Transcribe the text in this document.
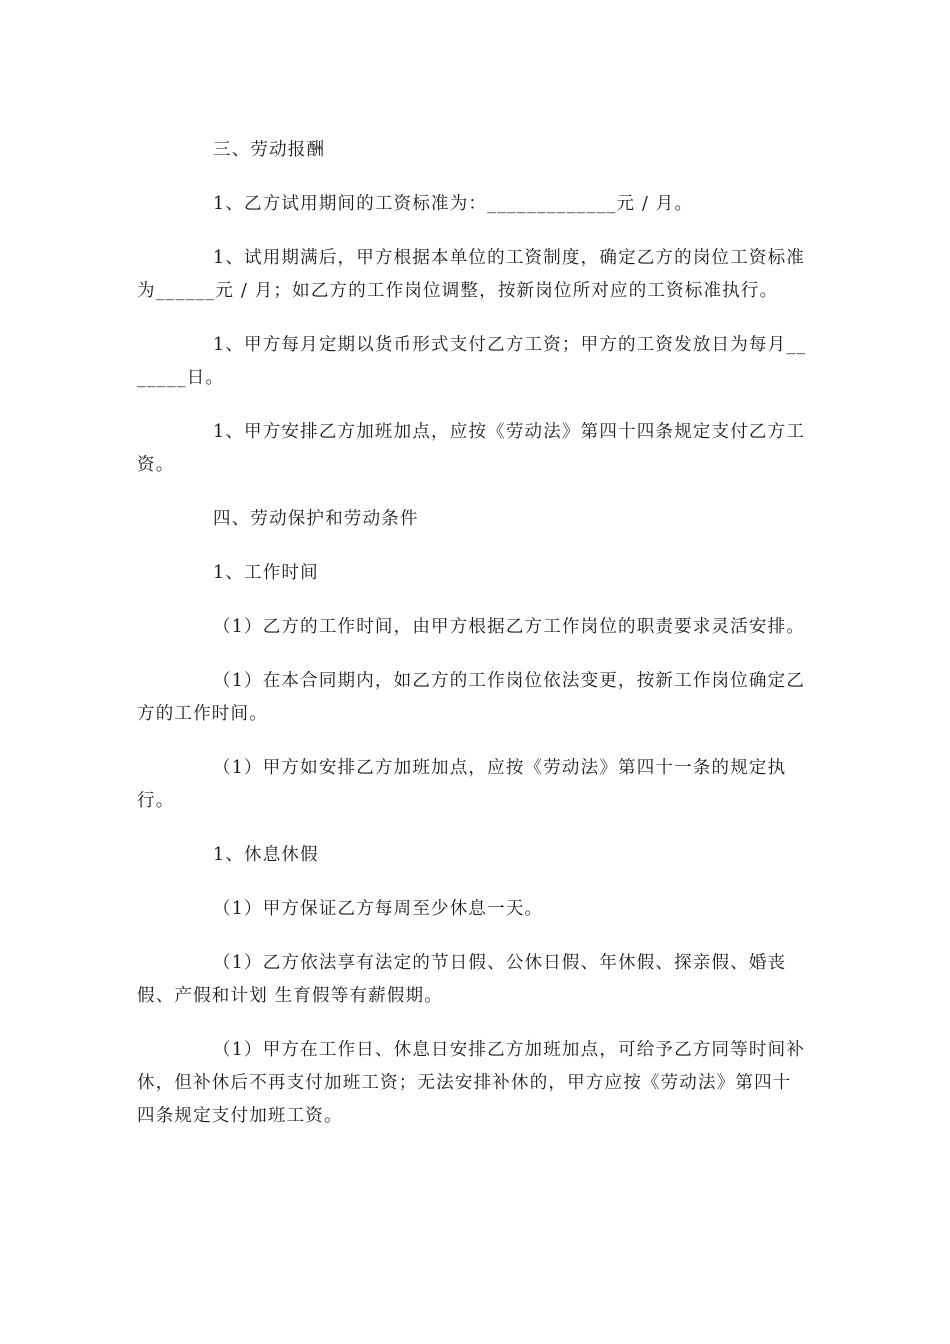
三、劳动报酬

1、乙方试用期间的工资标准为：_____________元 / 月。

1、试用期满后，甲方根据本单位的工资制度，确定乙方的岗位工资标准为______元 / 月；如乙方的工作岗位调整，按新岗位所对应的工资标准执行。

1、甲方每月定期以货币形式支付乙方工资；甲方的工资发放日为每月_______日。

1、甲方安排乙方加班加点，应按《劳动法》第四十四条规定支付乙方工资。

四、劳动保护和劳动条件

1、工作时间

（1）乙方的工作时间，由甲方根据乙方工作岗位的职责要求灵活安排。

（1）在本合同期内，如乙方的工作岗位依法变更，按新工作岗位确定乙方的工作时间。

（1）甲方如安排乙方加班加点，应按《劳动法》第四十一条的规定执行。

1、休息休假

（1）甲方保证乙方每周至少休息一天。

（1）乙方依法享有法定的节日假、公休日假、年休假、探亲假、婚丧假、产假和计划 生育假等有薪假期。

（1）甲方在工作日、休息日安排乙方加班加点，可给予乙方同等时间补休，但补休后不再支付加班工资；无法安排补休的，甲方应按《劳动法》第四十四条规定支付加班工资。
